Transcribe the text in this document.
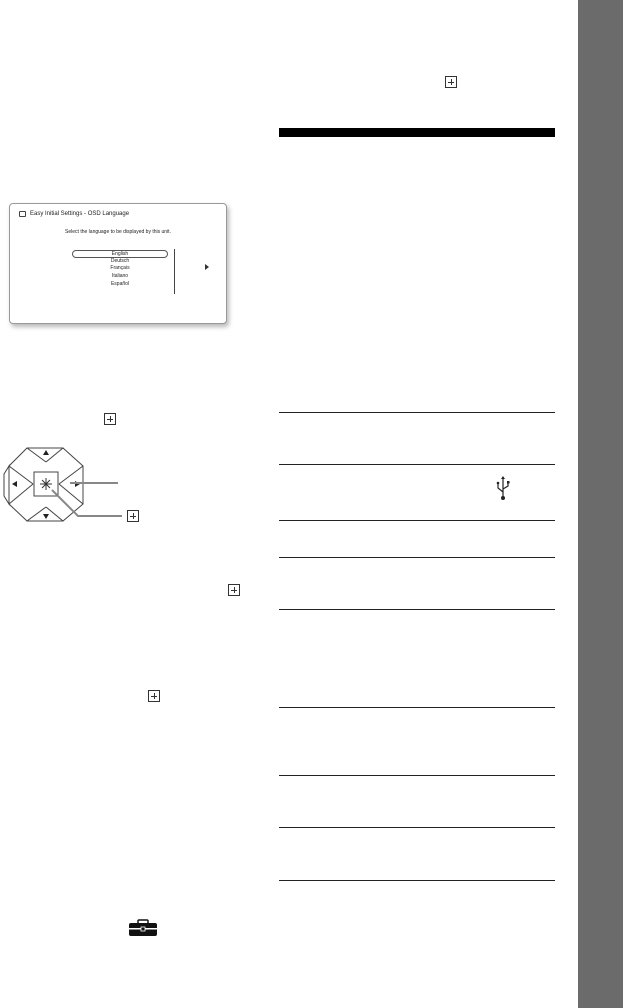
Easy Initial Settings - OSD Language
Select the language to be displayed by this unit.
English
Deutsch
Français
Italiano
Español
